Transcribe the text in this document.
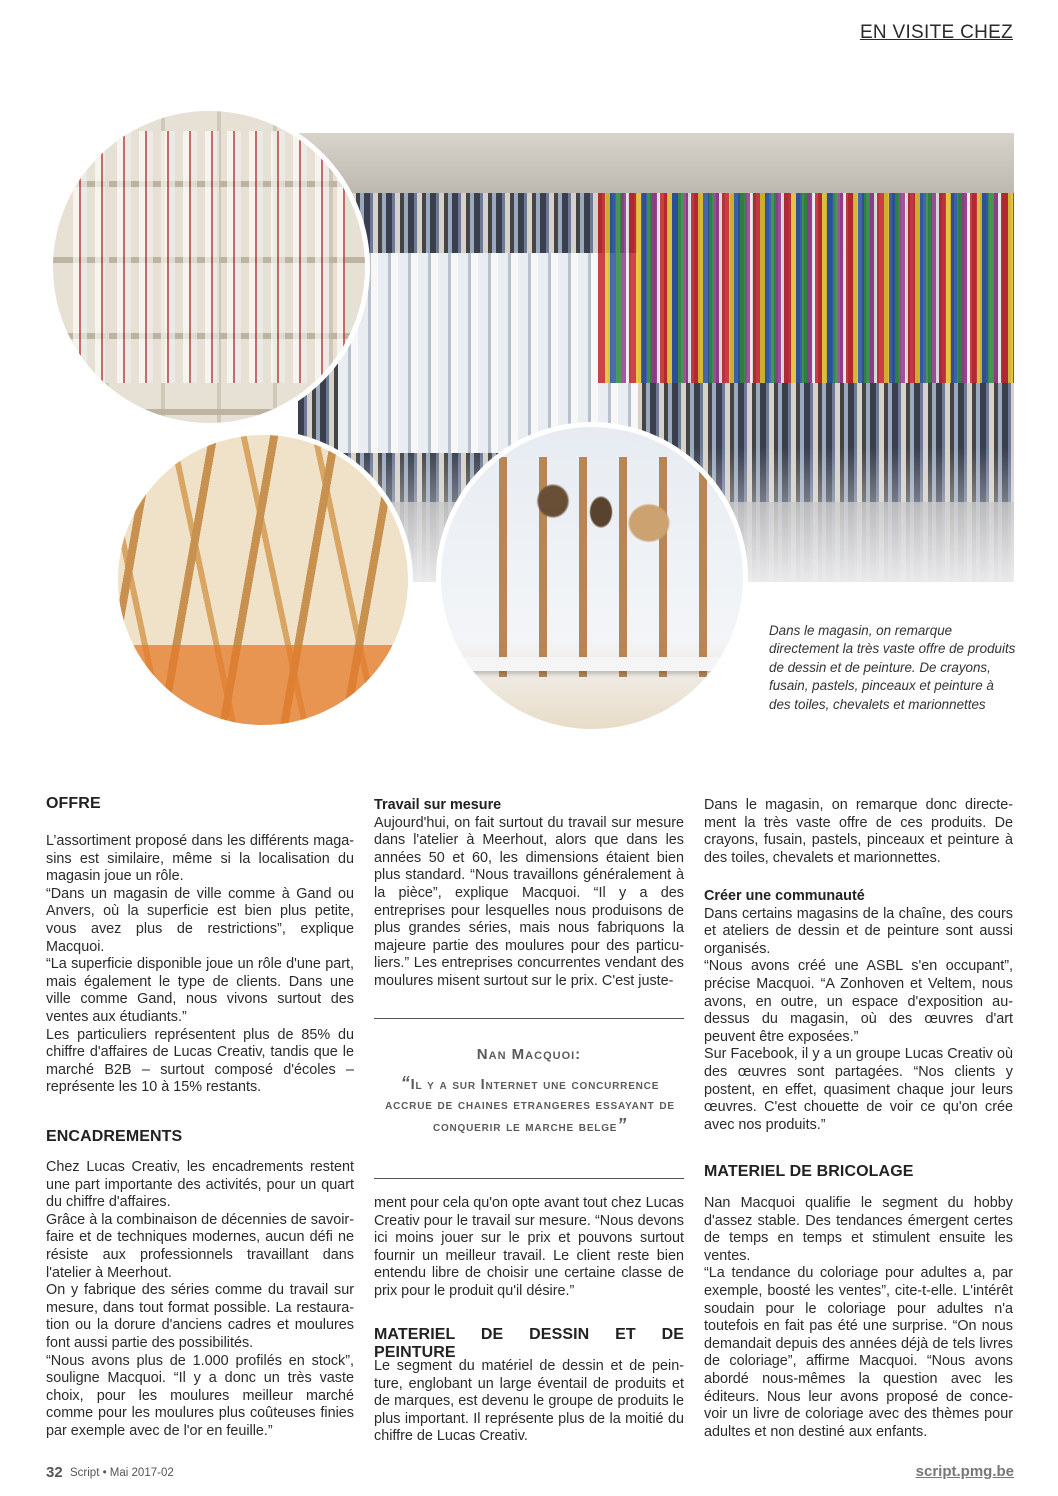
EN VISITE CHEZ
Dans le magasin, on remarque directement la très vaste offre de produits de dessin et de peinture. De crayons, fusain, pastels, pinceaux et peinture à des toiles, chevalets et marionnettes

OFFRE

L’assortiment proposé dans les différents maga-sins est similaire, même si la localisation du magasin joue un rôle.

“Dans un magasin de ville comme à Gand ou Anvers, où la superficie est bien plus petite, vous avez plus de restrictions”, explique Macquoi.

“La superficie disponible joue un rôle d'une part, mais également le type de clients. Dans une ville comme Gand, nous vivons surtout des ventes aux étudiants.”

Les particuliers représentent plus de 85% du chiffre d'affaires de Lucas Creativ, tandis que le marché B2B – surtout composé d'écoles – représente les 10 à 15% restants.

ENCADREMENTS

Chez Lucas Creativ, les encadrements restent une part importante des activités, pour un quart du chiffre d'affaires.

Grâce à la combinaison de décennies de savoir-faire et de techniques modernes, aucun défi ne résiste aux professionnels travaillant dans l'atelier à Meerhout.

On y fabrique des séries comme du travail sur mesure, dans tout format possible. La restaura-tion ou la dorure d'anciens cadres et moulures font aussi partie des possibilités.

“Nous avons plus de 1.000 profilés en stock”, souligne Macquoi. “Il y a donc un très vaste choix, pour les moulures meilleur marché comme pour les moulures plus coûteuses finies par exemple avec de l'or en feuille.”

Travail sur mesure

Aujourd'hui, on fait surtout du travail sur mesure dans l'atelier à Meerhout, alors que dans les années 50 et 60, les dimensions étaient bien plus standard. “Nous travaillons généralement à la pièce”, explique Macquoi. “Il y a des entreprises pour lesquelles nous produisons de plus grandes séries, mais nous fabriquons la majeure partie des moulures pour des particu-liers.” Les entreprises concurrentes vendant des moulures misent surtout sur le prix. C'est juste-

Nan Macquoi:
“Il y a sur Internet une concurrence accrue de chaines etrangeres essayant de conquerir le marche belge”

ment pour cela qu'on opte avant tout chez Lucas Creativ pour le travail sur mesure. “Nous devons ici moins jouer sur le prix et pouvons surtout fournir un meilleur travail. Le client reste bien entendu libre de choisir une certaine classe de prix pour le produit qu'il désire.”

MATERIEL DE DESSIN ET DE PEINTURE

Le segment du matériel de dessin et de pein-ture, englobant un large éventail de produits et de marques, est devenu le groupe de produits le plus important. Il représente plus de la moitié du chiffre de Lucas Creativ.

Dans le magasin, on remarque donc directe-ment la très vaste offre de ces produits. De crayons, fusain, pastels, pinceaux et peinture à des toiles, chevalets et marionnettes.

Créer une communauté

Dans certains magasins de la chaîne, des cours et ateliers de dessin et de peinture sont aussi organisés.

“Nous avons créé une ASBL s'en occupant”, précise Macquoi. “A Zonhoven et Veltem, nous avons, en outre, un espace d'exposition au-dessus du magasin, où des œuvres d'art peuvent être exposées.”

Sur Facebook, il y a un groupe Lucas Creativ où des œuvres sont partagées. “Nos clients y postent, en effet, quasiment chaque jour leurs œuvres. C'est chouette de voir ce qu'on crée avec nos produits.”

MATERIEL DE BRICOLAGE

Nan Macquoi qualifie le segment du hobby d'assez stable. Des tendances émergent certes de temps en temps et stimulent ensuite les ventes.

“La tendance du coloriage pour adultes a, par exemple, boosté les ventes”, cite-t-elle. L'intérêt soudain pour le coloriage pour adultes n'a toutefois en fait pas été une surprise. “On nous demandait depuis des années déjà de tels livres de coloriage”, affirme Macquoi. “Nous avons abordé nous-mêmes la question avec les éditeurs. Nous leur avons proposé de conce-voir un livre de coloriage avec des thèmes pour adultes et non destiné aux enfants.

32 Script • Mai 2017-02	script.pmg.be
